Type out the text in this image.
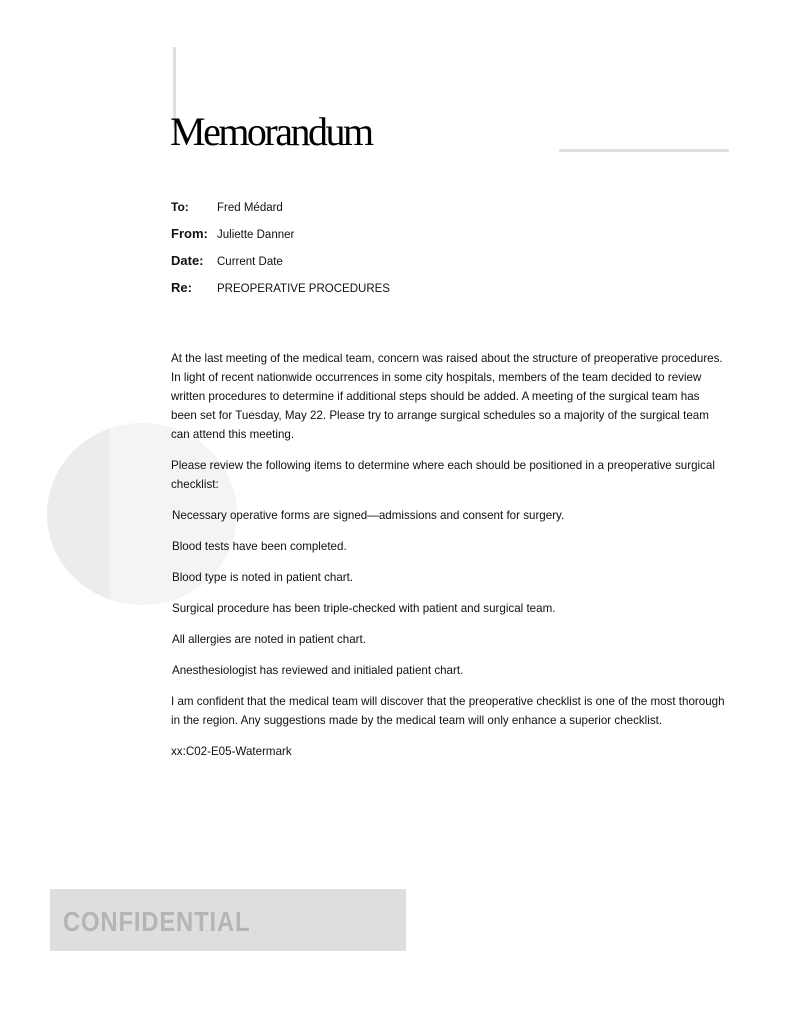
Memorandum
To: Fred Médard
From: Juliette Danner
Date: Current Date
Re: PREOPERATIVE PROCEDURES

At the last meeting of the medical team, concern was raised about the structure of preoperative procedures. In light of recent nationwide occurrences in some city hospitals, members of the team decided to review written procedures to determine if additional steps should be added. A meeting of the surgical team has been set for Tuesday, May 22. Please try to arrange surgical schedules so a majority of the surgical team can attend this meeting.

Please review the following items to determine where each should be positioned in a preoperative surgical checklist:

Necessary operative forms are signed—admissions and consent for surgery.

Blood tests have been completed.

Blood type is noted in patient chart.

Surgical procedure has been triple-checked with patient and surgical team.

All allergies are noted in patient chart.

Anesthesiologist has reviewed and initialed patient chart.

I am confident that the medical team will discover that the preoperative checklist is one of the most thorough in the region. Any suggestions made by the medical team will only enhance a superior checklist.

xx:C02-E05-Watermark

CONFIDENTIAL
